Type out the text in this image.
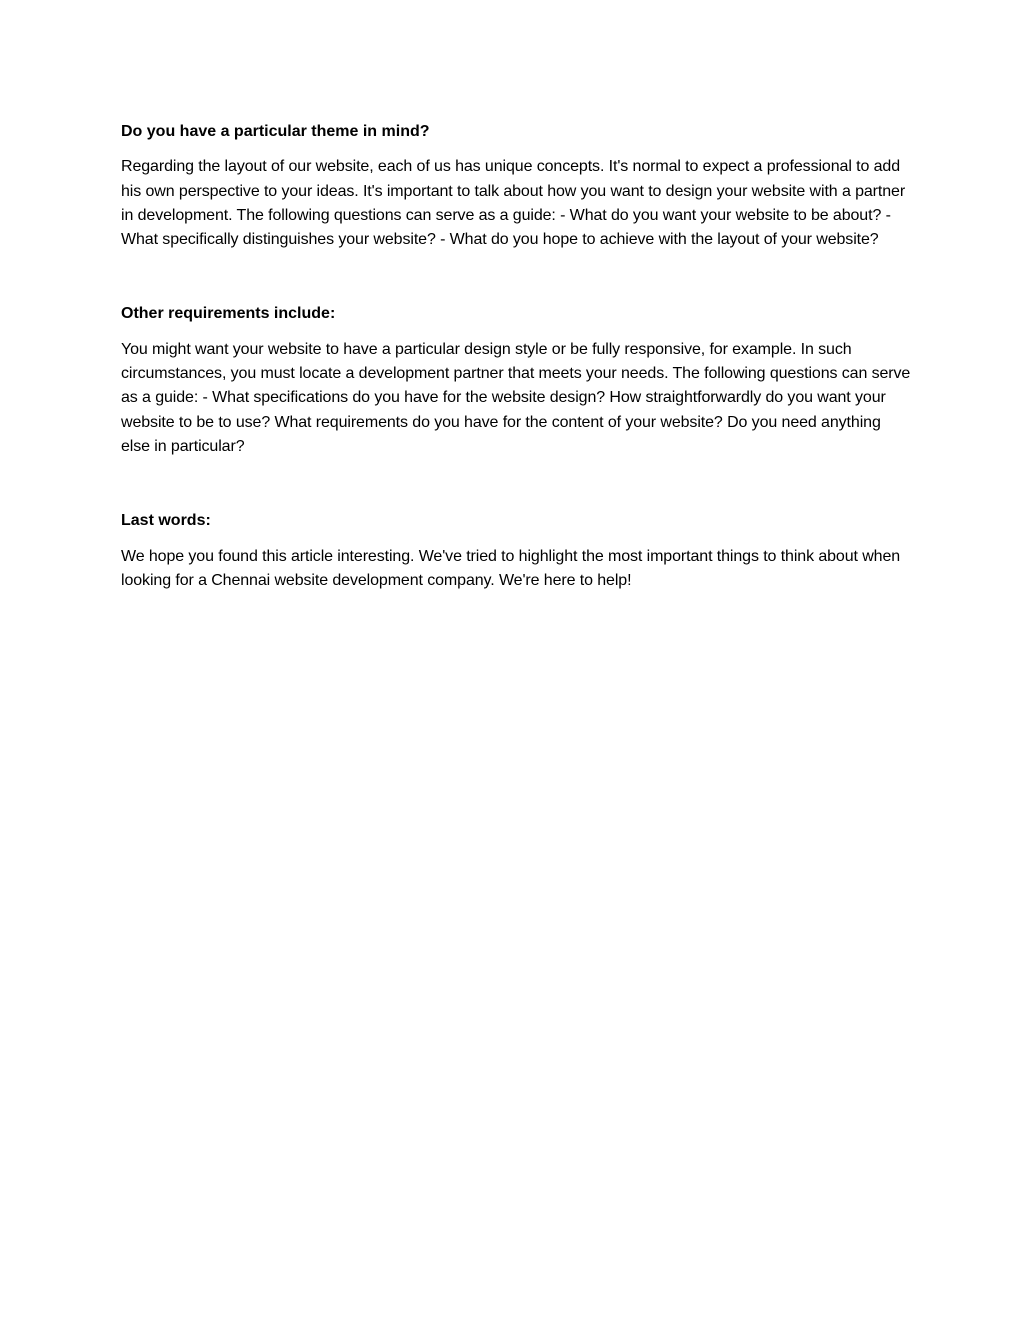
Do you have a particular theme in mind?

Regarding the layout of our website, each of us has unique concepts. It's normal to expect a professional to add his own perspective to your ideas. It's important to talk about how you want to design your website with a partner in development. The following questions can serve as a guide: - What do you want your website to be about? - What specifically distinguishes your website? - What do you hope to achieve with the layout of your website?

Other requirements include:

You might want your website to have a particular design style or be fully responsive, for example. In such circumstances, you must locate a development partner that meets your needs. The following questions can serve as a guide: - What specifications do you have for the website design? How straightforwardly do you want your website to be to use? What requirements do you have for the content of your website? Do you need anything else in particular?

Last words:

We hope you found this article interesting. We've tried to highlight the most important things to think about when looking for a Chennai website development company. We're here to help!
